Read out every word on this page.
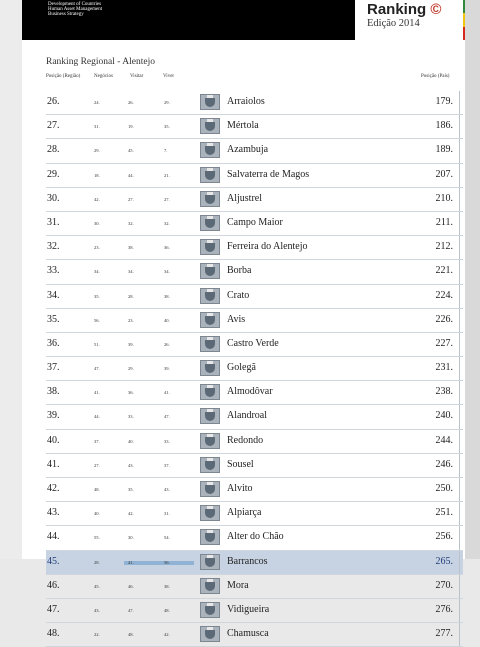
Development of Countries
Human Asset Management
Business Strategy	Ranking ©
Edição 2014
Ranking Regional - Alentejo
Posição (Região)	Negócios	Visitar	Viver	Posição (País)
26.	24.	26.	29.	Arraiolos	179.
27.	31.	19.	35.	Mértola	186.
28.	29.	45.	7.	Azambuja	189.
29.	18.	44.	21.	Salvaterra de Magos	207.
30.	42.	27.	27.	Aljustrel	210.
31.	30.	32.	32.	Campo Maior	211.
32.	23.	38.	36.	Ferreira do Alentejo	212.
33.	34.	34.	34.	Borba	221.
34.	35.	28.	38.	Crato	224.
35.	56.	23.	40.	Avis	226.
36.	51.	39.	26.	Castro Verde	227.
37.	47.	29.	39.	Golegã	231.
38.	41.	36.	41.	Almodôvar	238.
39.	44.	33.	47.	Alandroal	240.
40.	37.	40.	33.	Redondo	244.
41.	27.	43.	37.	Sousel	246.
42.	48.	35.	43.	Alvito	250.
43.	40.	42.	31.	Alpiarça	251.
44.	55.	30.	54.	Alter do Chão	256.
45.	28.	41.	56.	Barrancos	265.
46.	45.	46.	38.	Mora	270.
47.	43.	47.	48.	Vidigueira	276.
48.	22.	48.	42.	Chamusca	277.
